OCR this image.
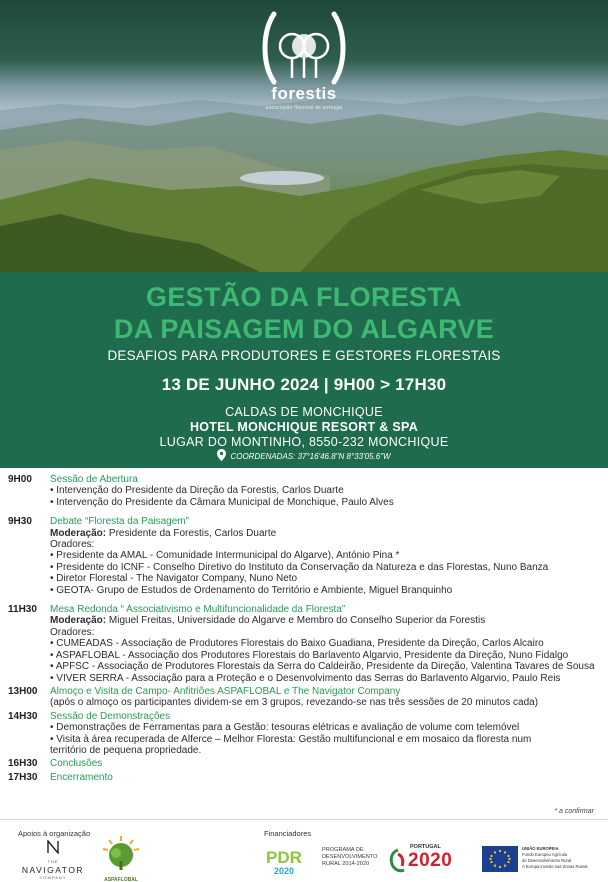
forestis
associação florestal de portugal
GESTÃO DA FLORESTA
DA PAISAGEM DO ALGARVE
DESAFIOS PARA PRODUTORES E GESTORES FLORESTAIS
13 DE JUNHO 2024 | 9H00 > 17H30
CALDAS DE MONCHIQUE
HOTEL MONCHIQUE RESORT & SPA
LUGAR DO MONTINHO, 8550-232 MONCHIQUE
COORDENADAS: 37°16'46.8"N 8°33'05.6"W
9H00 Sessão de Abertura
• Intervenção do Presidente da Direção da Forestis, Carlos Duarte
• Intervenção do Presidente da Câmara Municipal de Monchique, Paulo Alves
9H30 Debate “Floresta da Paisagem”
Moderação: Presidente da Forestis, Carlos Duarte
Oradores:
• Presidente da AMAL - Comunidade Intermunicipal do Algarve), António Pina *
• Presidente do ICNF - Conselho Diretivo do Instituto da Conservação da Natureza e das Florestas, Nuno Banza
• Diretor Florestal - The Navigator Company, Nuno Neto
• GEOTA- Grupo de Estudos de Ordenamento do Território e Ambiente, Miguel Branquinho
11H30 Mesa Redonda “ Associativismo e Multifuncionalidade da Floresta”
Moderação: Miguel Freitas, Universidade do Algarve e Membro do Conselho Superior da Forestis
Oradores:
• CUMEADAS - Associação de Produtores Florestais do Baixo Guadiana, Presidente da Direção, Carlos Alcairo
• ASPAFLOBAL - Associação dos Produtores Florestais do Barlavento Algarvio, Presidente da Direção, Nuno Fidalgo
• APFSC - Associação de Produtores Florestais da Serra do Caldeirão, Presidente da Direção, Valentina Tavares de Sousa
• VIVER SERRA - Associação para a Proteção e o Desenvolvimento das Serras do Barlavento Algarvio, Paulo Reis
13H00 Almoço e Visita de Campo- Anfitriões ASPAFLOBAL e The Navigator Company
(após o almoço os participantes dividem-se em 3 grupos, revezando-se nas três sessões de 20 minutos cada)
14H30 Sessão de Demonstrações
• Demonstrações de Ferramentas para a Gestão: tesouras elétricas e avaliação de volume com telemóvel
• Visita à área recuperada de Alferce – Melhor Floresta: Gestão multifuncional e em mosaico da floresta num
território de pequena propriedade.
16H30 Conclusões
17H30 Encerramento
* a confirmar
Apoios à organização	Financiadores
THE
NAVIGATOR
COMPANY	ASPAFLOBAL
PDR
2020
PROGRAMA DE
DESENVOLVIMENTO
RURAL 2014-2020
PORTUGAL
2020
UNIÃO EUROPEIA
Fundo Europeu Agrícola
de Desenvolvimento Rural
A Europa investe nas Zonas Rurais
